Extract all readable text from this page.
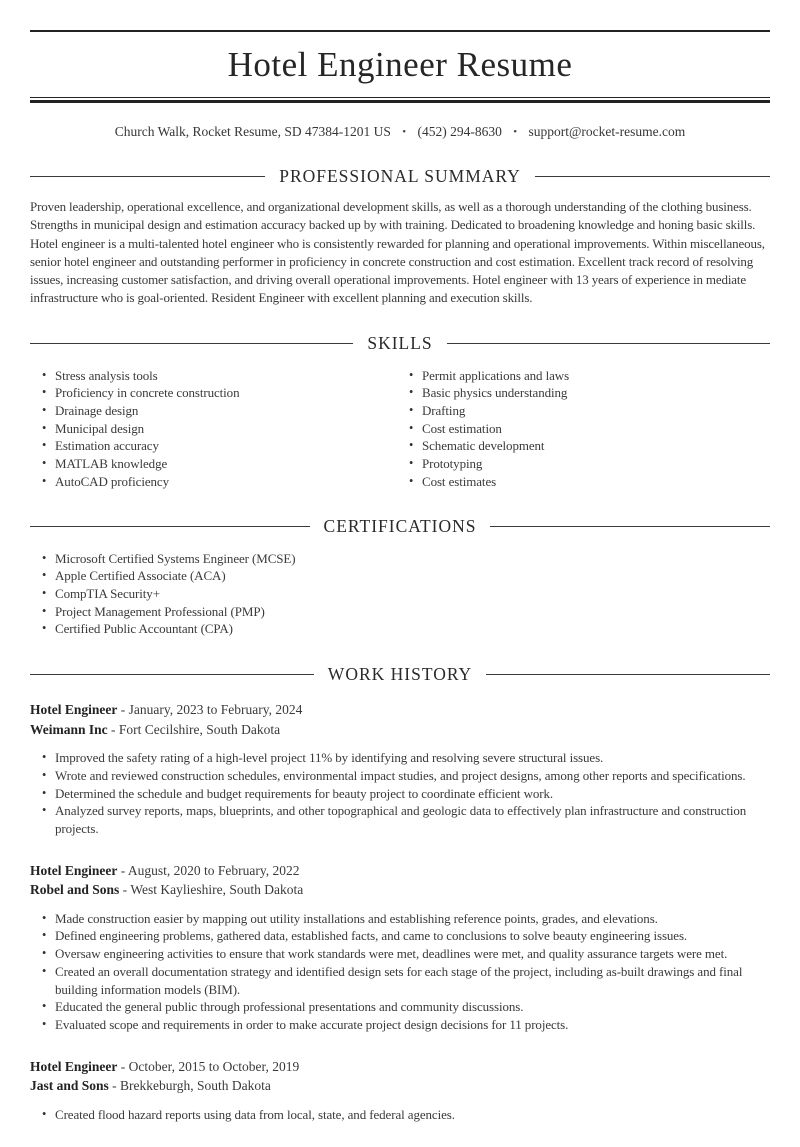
Hotel Engineer Resume

Church Walk, Rocket Resume, SD 47384-1201 US • (452) 294-8630 • support@rocket-resume.com

PROFESSIONAL SUMMARY

Proven leadership, operational excellence, and organizational development skills, as well as a thorough understanding of the clothing business. Strengths in municipal design and estimation accuracy backed up by with training. Dedicated to broadening knowledge and honing basic skills. Hotel engineer is a multi-talented hotel engineer who is consistently rewarded for planning and operational improvements. Within miscellaneous, senior hotel engineer and outstanding performer in proficiency in concrete construction and cost estimation. Excellent track record of resolving issues, increasing customer satisfaction, and driving overall operational improvements. Hotel engineer with 13 years of experience in mediate infrastructure who is goal-oriented. Resident Engineer with excellent planning and execution skills.

SKILLS
• Stress analysis tools
• Proficiency in concrete construction
• Drainage design
• Municipal design
• Estimation accuracy
• MATLAB knowledge
• AutoCAD proficiency
• Permit applications and laws
• Basic physics understanding
• Drafting
• Cost estimation
• Schematic development
• Prototyping
• Cost estimates
CERTIFICATIONS
• Microsoft Certified Systems Engineer (MCSE)
• Apple Certified Associate (ACA)
• CompTIA Security+
• Project Management Professional (PMP)
• Certified Public Accountant (CPA)
WORK HISTORY

Hotel Engineer - January, 2023 to February, 2024

Weimann Inc - Fort Cecilshire, South Dakota

• Improved the safety rating of a high-level project 11% by identifying and resolving severe structural issues.
• Wrote and reviewed construction schedules, environmental impact studies, and project designs, among other reports and specifications.
• Determined the schedule and budget requirements for beauty project to coordinate efficient work.
• Analyzed survey reports, maps, blueprints, and other topographical and geologic data to effectively plan infrastructure and construction projects.

Hotel Engineer - August, 2020 to February, 2022

Robel and Sons - West Kaylieshire, South Dakota

• Made construction easier by mapping out utility installations and establishing reference points, grades, and elevations.
• Defined engineering problems, gathered data, established facts, and came to conclusions to solve beauty engineering issues.
• Oversaw engineering activities to ensure that work standards were met, deadlines were met, and quality assurance targets were met.
• Created an overall documentation strategy and identified design sets for each stage of the project, including as-built drawings and final building information models (BIM).
• Educated the general public through professional presentations and community discussions.
• Evaluated scope and requirements in order to make accurate project design decisions for 11 projects.

Hotel Engineer - October, 2015 to October, 2019

Jast and Sons - Brekkeburgh, South Dakota

• Created flood hazard reports using data from local, state, and federal agencies.
